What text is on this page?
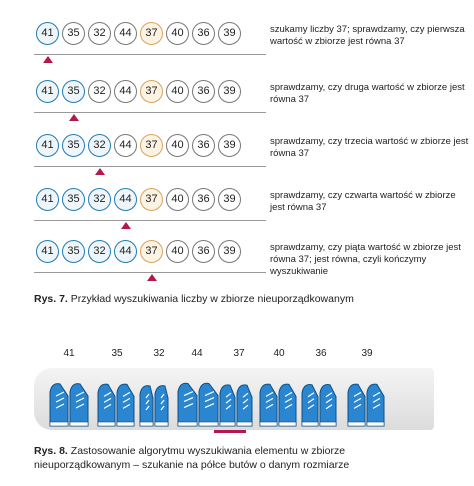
41	35	32	44	37	40	36	39	szukamy liczby 37; sprawdzamy, czy pierwsza wartość w zbiorze jest równa 37
41	35	32	44	37	40	36	39	sprawdzamy, czy druga wartość w zbiorze jest równa 37
41	35	32	44	37	40	36	39	sprawdzamy, czy trzecia wartość w zbiorze jest równa 37
41	35	32	44	37	40	36	39	sprawdzamy, czy czwarta wartość w zbiorze jest równa 37
41	35	32	44	37	40	36	39	sprawdzamy, czy piąta wartość w zbiorze jest równa 37; jest równa, czyli kończymy wyszukiwanie
Rys. 7. Przykład wyszukiwania liczby w zbiorze nieuporządkowanym
41	35	32	44	37	40	36	39
Rys. 8. Zastosowanie algorytmu wyszukiwania elementu w zbiorze nieuporządkowanym – szukanie na półce butów o danym rozmiarze
